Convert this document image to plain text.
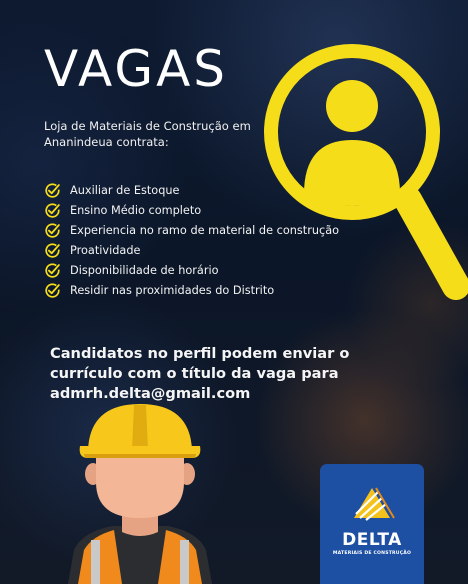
VAGAS
Loja de Materiais de Construção em Ananindeua contrata:
Auxiliar de Estoque
Ensino Médio completo
Experiencia no ramo de material de construção
Proatividade
Disponibilidade de horário
Residir nas proximidades do Distrito
Candidatos no perfil podem enviar o
currículo com o título da vaga para
admrh.delta@gmail.com
DELTA
MATERIAIS DE CONSTRUÇÃO
